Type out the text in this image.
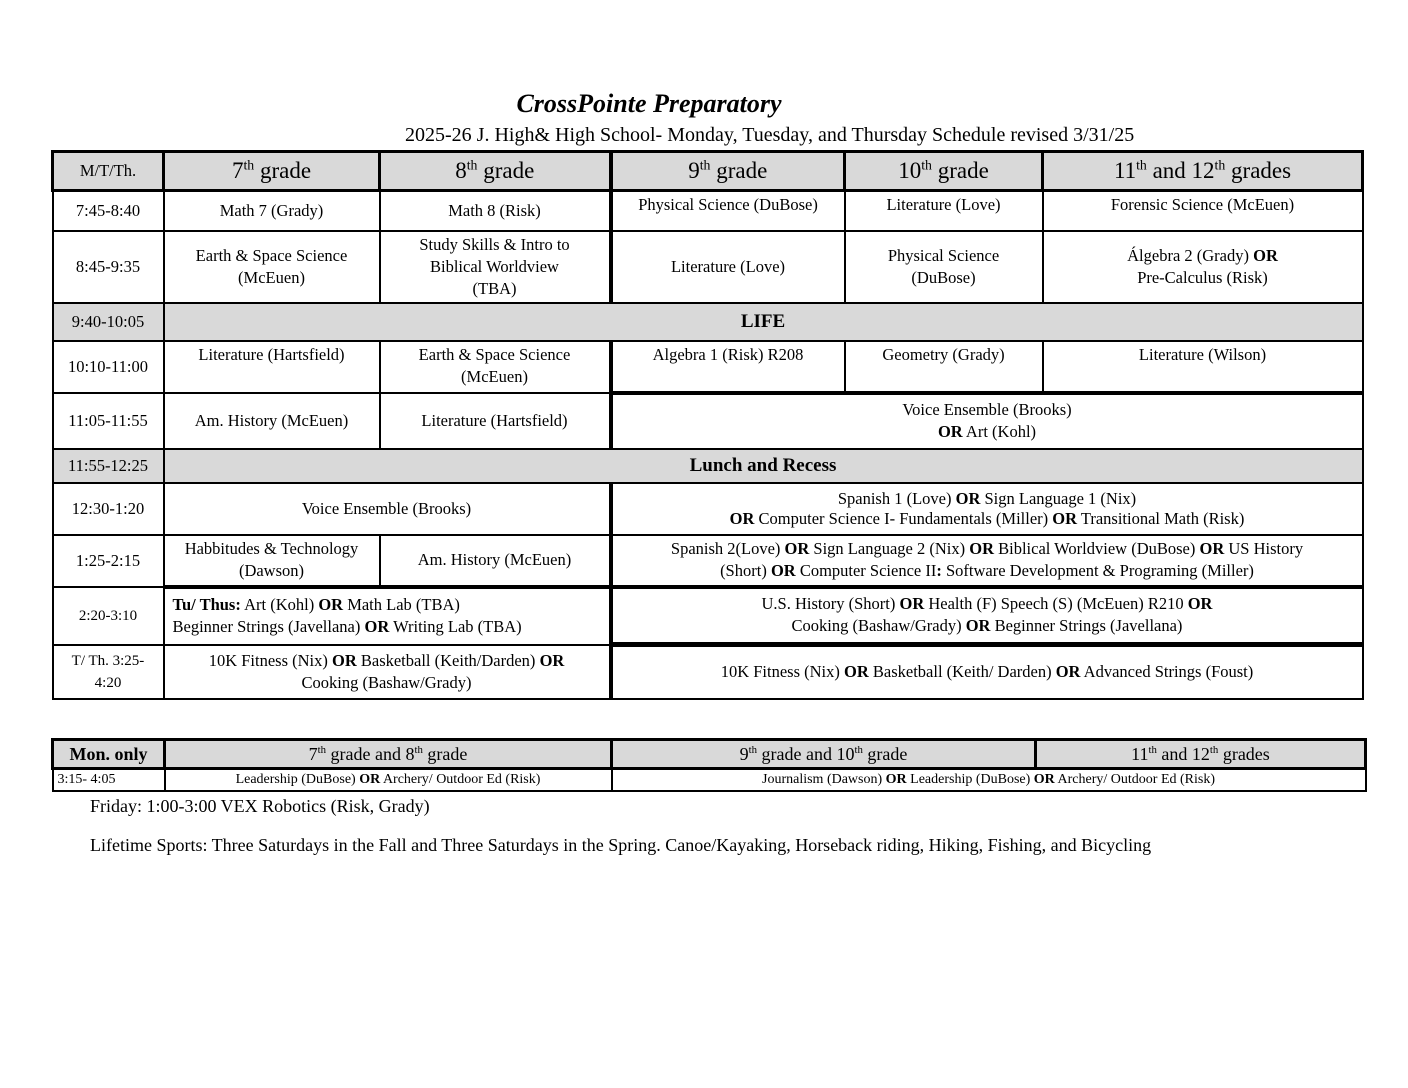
CrossPointe Preparatory
2025-26 J. High& High School- Monday, Tuesday, and Thursday Schedule revised 3/31/25
M/T/Th.	7th grade	8th grade	9th grade	10th grade	11th and 12th grades
7:45-8:40	Math 7 (Grady)	Math 8 (Risk)	Physical Science (DuBose)	Literature (Love)	Forensic Science (McEuen)
8:45-9:35	Earth & Space Science
(McEuen)	Study Skills & Intro to
Biblical Worldview
(TBA)	Literature (Love)	Physical Science
(DuBose)	Álgebra 2 (Grady) OR
Pre-Calculus (Risk)
9:40-10:05	LIFE				
10:10-11:00	Literature (Hartsfield)	Earth & Space Science
(McEuen)	Algebra 1 (Risk) R208	Geometry (Grady)	Literature (Wilson)
11:05-11:55	Am. History (McEuen)	Literature (Hartsfield)	Voice Ensemble (Brooks)
OR Art (Kohl)		
11:55-12:25	Lunch and Recess				
12:30-1:20	Voice Ensemble (Brooks)		Spanish 1 (Love) OR Sign Language 1 (Nix)
OR Computer Science I- Fundamentals (Miller) OR Transitional Math (Risk)		
1:25-2:15	Habbitudes & Technology
(Dawson)	Am. History (McEuen)	Spanish 2(Love) OR Sign Language 2 (Nix) OR Biblical Worldview (DuBose) OR US History
(Short) OR Computer Science II: Software Development & Programing (Miller)		
2:20-3:10	Tu/ Thus: Art (Kohl) OR Math Lab (TBA)
Beginner Strings (Javellana) OR Writing Lab (TBA)		U.S. History (Short) OR Health (F) Speech (S) (McEuen) R210 OR
Cooking (Bashaw/Grady) OR Beginner Strings (Javellana)		
T/ Th. 3:25-
4:20	10K Fitness (Nix) OR Basketball (Keith/Darden) OR
Cooking (Bashaw/Grady)		10K Fitness (Nix) OR Basketball (Keith/ Darden) OR Advanced Strings (Foust)		
Mon. only	7th grade and 8th grade	9th grade and 10th grade	11th and 12th grades
3:15- 4:05	Leadership (DuBose) OR Archery/ Outdoor Ed (Risk)	Journalism (Dawson) OR Leadership (DuBose) OR Archery/ Outdoor Ed (Risk)	
Friday: 1:00-3:00 VEX Robotics (Risk, Grady)
Lifetime Sports: Three Saturdays in the Fall and Three Saturdays in the Spring. Canoe/Kayaking, Horseback riding, Hiking, Fishing, and Bicycling
